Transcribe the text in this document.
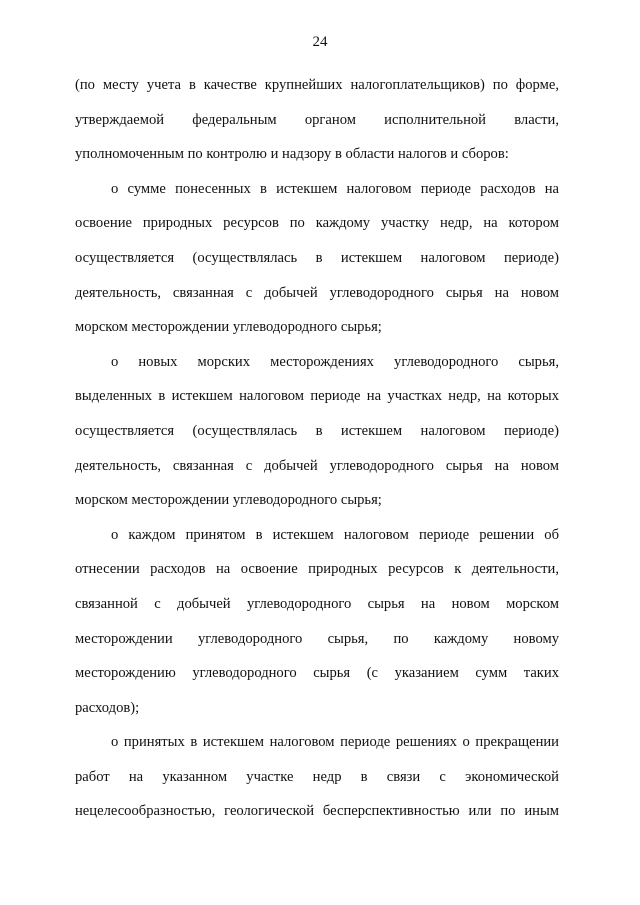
24
(по месту учета в качестве крупнейших налогоплательщиков) по форме,
утверждаемой федеральным органом исполнительной власти,
уполномоченным по контролю и надзору в области налогов и сборов:
о сумме понесенных в истекшем налоговом периоде расходов на
освоение природных ресурсов по каждому участку недр, на котором
осуществляется (осуществлялась в истекшем налоговом периоде)
деятельность, связанная с добычей углеводородного сырья на новом
морском месторождении углеводородного сырья;
о новых морских месторождениях углеводородного сырья,
выделенных в истекшем налоговом периоде на участках недр, на которых
осуществляется (осуществлялась в истекшем налоговом периоде)
деятельность, связанная с добычей углеводородного сырья на новом
морском месторождении углеводородного сырья;
о каждом принятом в истекшем налоговом периоде решении об
отнесении расходов на освоение природных ресурсов к деятельности,
связанной с добычей углеводородного сырья на новом морском
месторождении углеводородного сырья, по каждому новому
месторождению углеводородного сырья (с указанием сумм таких
расходов);
о принятых в истекшем налоговом периоде решениях о прекращении
работ на указанном участке недр в связи с экономической
нецелесообразностью, геологической бесперспективностью или по иным
